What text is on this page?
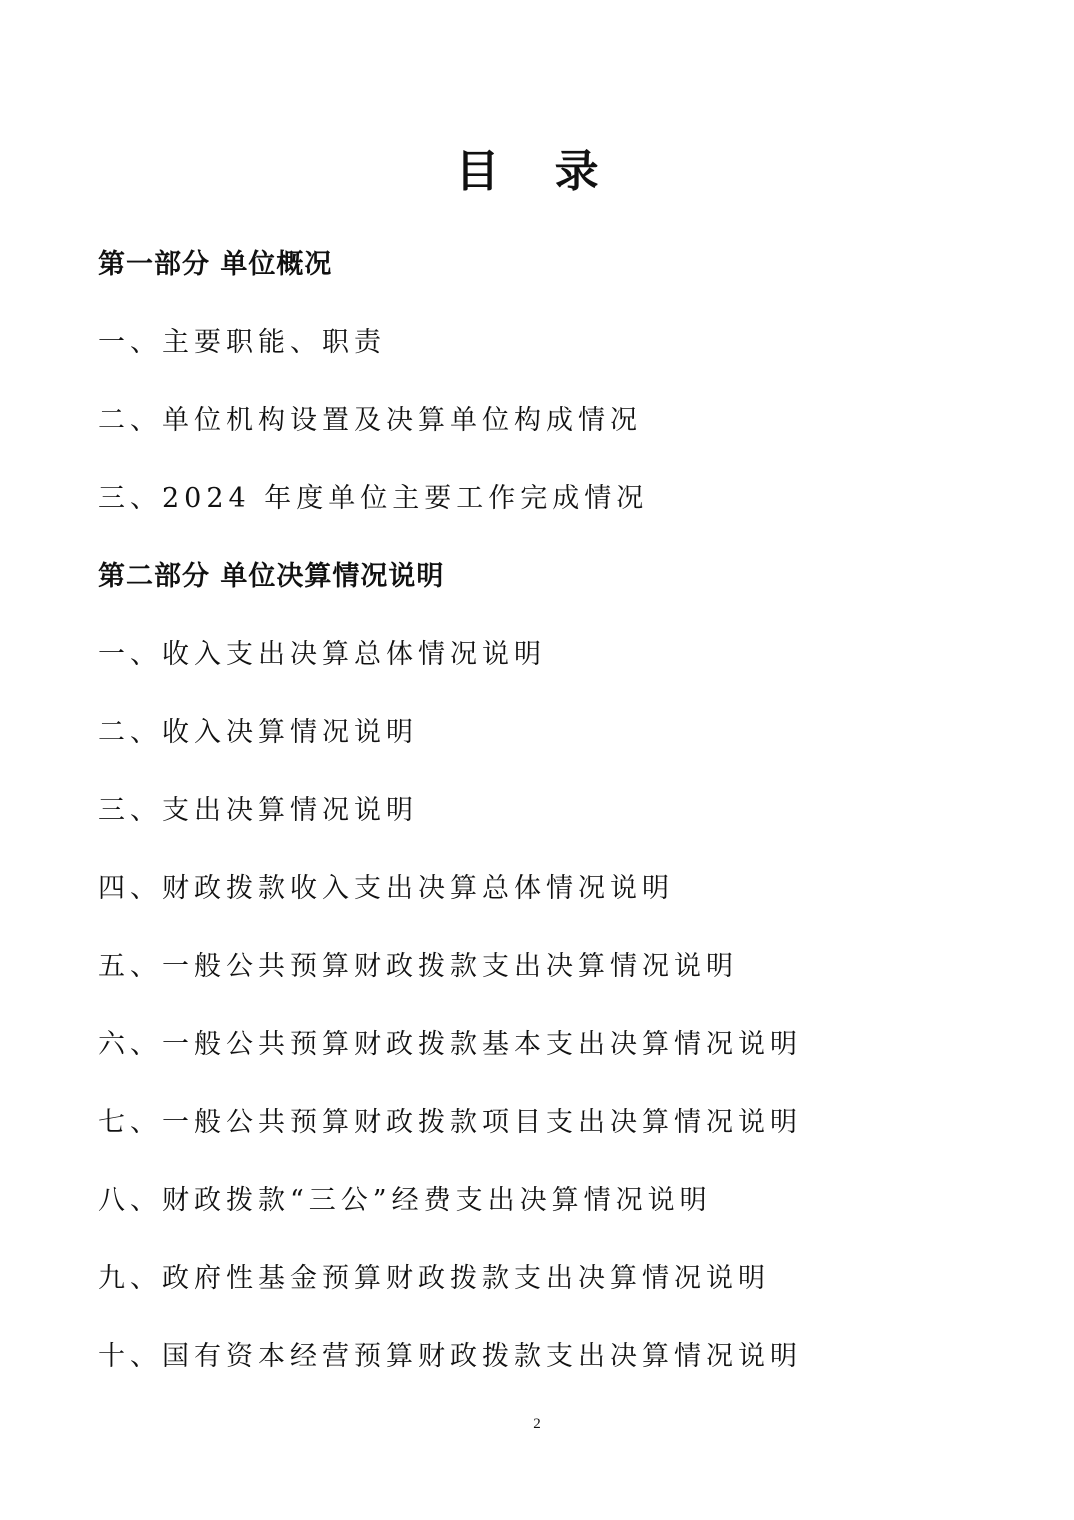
目 录
第一部分 单位概况
一、主要职能、职责
二、单位机构设置及决算单位构成情况
三、2024 年度单位主要工作完成情况
第二部分 单位决算情况说明
一、收入支出决算总体情况说明
二、收入决算情况说明
三、支出决算情况说明
四、财政拨款收入支出决算总体情况说明
五、一般公共预算财政拨款支出决算情况说明
六、一般公共预算财政拨款基本支出决算情况说明
七、一般公共预算财政拨款项目支出决算情况说明
八、财政拨款“三公”经费支出决算情况说明
九、政府性基金预算财政拨款支出决算情况说明
十、国有资本经营预算财政拨款支出决算情况说明
2
